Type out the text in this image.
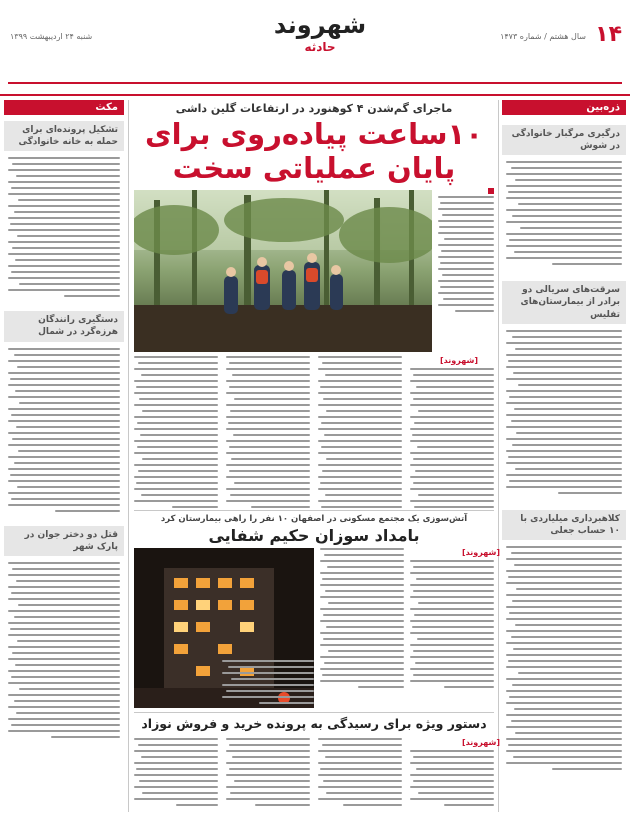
۱۴
سال هشتم / شماره ۱۴۷۳
شنبه ۲۴ اردیبهشت ۱۳۹۹	شهروند
حادثه
ذره‌بین
درگیری مرگبار خانوادگی در شوش
سرقت‌های سریالی دو برادر از بیمارستان‌های تفلیس
کلاهبرداری میلیاردی با ۱۰ حساب جعلی
مکث
تشکیل پرونده‌ای برای حمله به خانه خانوادگی
دستگیری رانندگان هرزه‌گرد در شمال
قتل دو دختر جوان در پارک شهر
ماجرای گم‌شدن ۴ کوهنورد در ارتفاعات گلین داشی
۱۰ساعت پیاده‌روی برای
پایان عملیاتی سخت
[شهروند]
آتش‌سوزی یک مجتمع مسکونی در اصفهان ۱۰ نفر را راهی بیمارستان کرد
بامداد سوزان حکیم شفایی
[شهروند]
دستور ویژه برای رسیدگی به پرونده خرید و فروش نوزاد
[شهروند]
